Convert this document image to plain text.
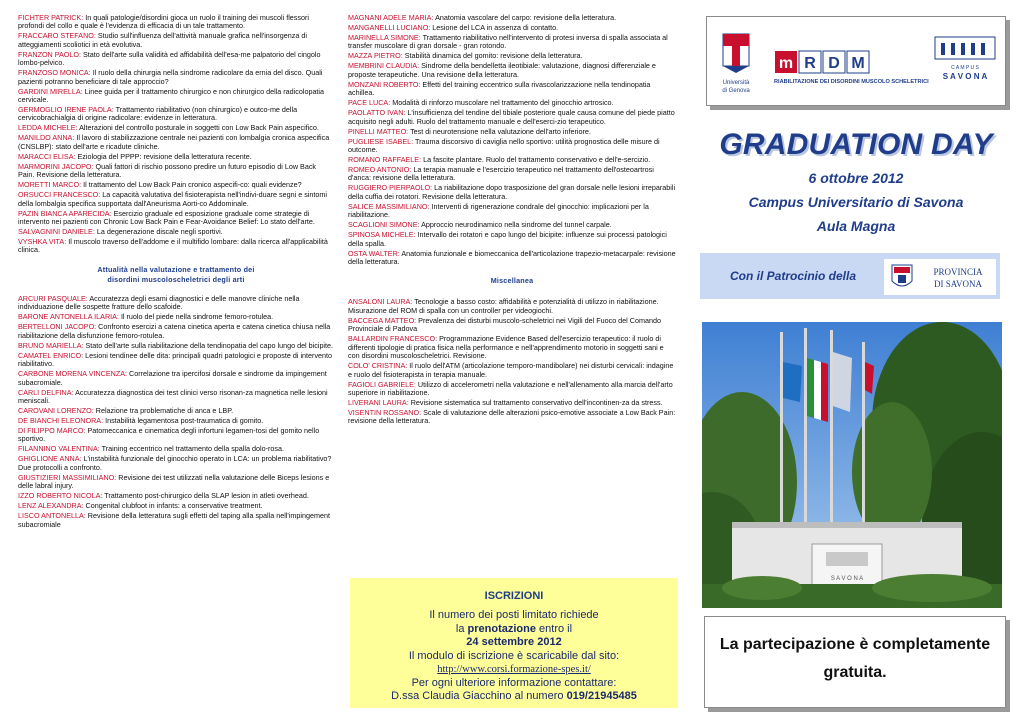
FICHTER PATRICK: In quali patologie/disordini gioca un ruolo il training dei muscoli flessori profondi del collo e quale è l'evidenza di efficacia di un tale trattamento.
FRACCARO STEFANO: Studio sull'influenza dell'attività manuale grafica nell'insorgenza di atteggiamenti scoliotici in età evolutiva.
FRANZON PAOLO: Stato dell'arte sulla validità ed affidabilità dell'esa-me palpatorio del cingolo lombo-pelvico.
FRANZOSO MONICA: Il ruolo della chirurgia nella sindrome radicolare da ernia del disco. Quali pazienti potranno beneficiare di tale approccio?
GARDINI MIRELLA: Linee guida per il trattamento chirurgico e non chirurgico della radicolopatia cervicale.
GERMOGLIO IRENE PAOLA: Trattamento riabilitativo (non chirurgico) e outco-me della cervicobrachialgia di origine radicolare: evidenze in letteratura.
LEDDA MICHELE: Alterazioni del controllo posturale in soggetti con Low Back Pain aspecifico.
MANILDO ANNA: Il lavoro di stabilizzazione centrale nei pazienti con lombalgia cronica aspecifica (CNSLBP): stato dell'arte e ricadute cliniche.
MARACCI ELISA: Eziologia del PPPP: revisione della letteratura recente.
MARMORINI JACOPO: Quali fattori di rischio possono predire un futuro episodio di Low Back Pain. Revisione della letteratura.
MORETTI MARCO: Il trattamento del Low Back Pain cronico aspecifi-co: quali evidenze?
ORSUCCI FRANCESCO: La capacità valutativa del fisioterapista nell'indivi-duare segni e sintomi della lombalgia specifica supportata dall'Aneurisma Aorti-co Addominale.
PAZIN BIANCA APARECIDA: Esercizio graduale ed esposizione graduale come strategie di intervento nei pazienti con Chronic Low Back Pain e Fear-Avoidance Belief: Lo stato dell'arte.
SALVAGNINI DANIELE: La degenerazione discale negli sportivi.
VYSHKA VITA: Il muscolo traverso dell'addome e il multifido lombare: dalla ricerca all'applicabilità clinica.
Attualità nella valutazione e trattamento dei
disordini muscoloscheletrici degli arti
ARCURI PASQUALE: Accuratezza degli esami diagnostici e delle manovre cliniche nella individuazione delle sospette fratture dello scafoide.
BARONE ANTONELLA ILARIA: Il ruolo del piede nella sindrome femoro-rotulea.
BERTELLONI JACOPO: Confronto esercizi a catena cinetica aperta e catena cinetica chiusa nella riabilitazione della disfunzione femoro-rotulea.
BRUNO MARIELLA: Stato dell'arte sulla riabilitazione della tendinopatia del capo lungo del bicipite.
CAMATEL ENRICO: Lesioni tendinee delle dita: principali quadri patologici e proposte di intervento riabilitativo.
CARBONE MORENA VINCENZA: Correlazione tra ipercifosi dorsale e sindrome da impingement subacromiale.
CARLI DELFINA: Accuratezza diagnostica dei test clinici verso risonan-za magnetica nelle lesioni meniscali.
CAROVANI LORENZO: Relazione tra problematiche di anca e LBP.
DE BIANCHI ELEONORA: Instabilità legamentosa post-traumatica di gomito.
DI FILIPPO MARCO: Patomeccanica e cinematica degli infortuni legamen-tosi del gomito nello sportivo.
FILANNINO VALENTINA: Training eccentrico nel trattamento della spalla dolo-rosa.
GHIGLIONE ANNA: L'instabilità funzionale del ginocchio operato in LCA: un problema riabilitativo? Due protocolli a confronto.
GIUSTIZIERI MASSIMILIANO: Revisione dei test utilizzati nella valutazione delle Biceps lesions e delle labral injury.
IZZO ROBERTO NICOLA: Trattamento post-chirurgico della SLAP lesion in atleti overhead.
LENZ ALEXANDRA: Congenital clubfoot in infants: a conservative treatment.
LISCO ANTONELLA: Revisione della letteratura sugli effetti del taping alla spalla nell'impingement subacromiale
MAGNANI ADELE MARIA: Anatomia vascolare del carpo: revisione della letteratura.
MANGANELLI LUCIANO: Lesione del LCA in assenza di contatto.
MARINELLA SIMONE: Trattamento riabilitativo nell'intervento di protesi inversa di spalla associata al transfer muscolare di gran dorsale - gran rotondo.
MAZZA PIETRO: Stabilità dinamica del gomito: revisione della letteratura.
MEMBRINI CLAUDIA: Sindrome della bendelletta ileotibiale: valutazione, diagnosi differenziale e proposte terapeutiche. Una revisione della letteratura.
MONZANI ROBERTO: Effetti del training eccentrico sulla rivascolarizzazione nella tendinopatia achillea.
PACE LUCA: Modalità di rinforzo muscolare nel trattamento del ginocchio artrosico.
PAOLATTO IVAN: L'insufficienza del tendine del tibiale posteriore quale causa comune del piede piatto acquisito negli adulti. Ruolo del trattamento manuale e dell'eserci-zio terapeutico.
PINELLI MATTEO: Test di neurotensione nella valutazione dell'arto inferiore.
PUGLIESE ISABEL: Trauma discorsivo di caviglia nello sportivo: utilità prognostica delle misure di outcome.
ROMANO RAFFAELE: La fascite plantare. Ruolo del trattamento conservativo e dell'e-sercizio.
ROMEO ANTONIO: La terapia manuale e l'esercizio terapeutico nel trattamento dell'osteoartrosi d'anca: revisione della letteratura.
RUGGIERO PIERPAOLO: La riabilitazione dopo trasposizione del gran dorsale nelle lesioni irreparabili della cuffia dei rotatori. Revisione della letteratura.
SALICE MASSIMILIANO: Interventi di rigenerazione condrale del ginocchio: implicazioni per la riabilitazione.
SCAGLIONI SIMONE: Approccio neurodinamico nella sindrome del tunnel carpale.
SPINOSA MICHELE: Intervallo dei rotatori e capo lungo del bicipite: influenze sui processi patologici della spalla.
OSTA WALTER: Anatomia funzionale e biomeccanica dell'articolazione trapezio-metacarpale: revisione della letteratura.
Miscellanea
ANSALONI LAURA: Tecnologie a basso costo: affidabilità e potenzialità di utilizzo in riabilitazione. Misurazione del ROM di spalla con un controller per videogiochi.
BACCEGA MATTEO: Prevalenza dei disturbi muscolo-scheletrici nei Vigili del Fuoco del Comando Provinciale di Padova
BALLARDIN FRANCESCO: Programmazione Evidence Based dell'esercizio terapeutico: il ruolo di differenti tipologie di pratica fisica nella performance e nell'apprendimento motorio in soggetti sani e con disordini muscoloscheletrici. Revisione.
COLO' CRISTINA: Il ruolo dell'ATM (articolazione temporo-mandibolare) nei disturbi cervicali: indagine e ruolo del fisioterapista in terapia manuale.
FAGIOLI GABRIELE: Utilizzo di accelerometri nella valutazione e nell'allenamento alla marcia dell'arto superiore in riabilitazione.
LIVERANI LAURA: Revisione sistematica sul trattamento conservativo dell'incontinen-za da stress.
VISENTIN ROSSANO: Scale di valutazione delle alterazioni psico-emotive associate a Low Back Pain: revisione della letteratura.
ISCRIZIONI
Il numero dei posti limitato richiede
la prenotazione entro il
24 settembre 2012
Il modulo di iscrizione è scaricabile dal sito:
http://www.corsi.formazione-spes.it/
Per ogni ulteriore informazione contattare:
D.ssa Claudia Giacchino al numero 019/21945485
Università
di Genova
m R D M
RIABILITAZIONE DEI DISORDINI MUSCOLO SCHELETRICI
C A M P U S
S A V O N A
GRADUATION DAY
6 ottobre 2012
Campus Universitario di Savona
Aula Magna
Con il Patrocinio della	PROVINCIA
DI SAVONA
S A V O N A
La partecipazione è completamente
gratuita.
